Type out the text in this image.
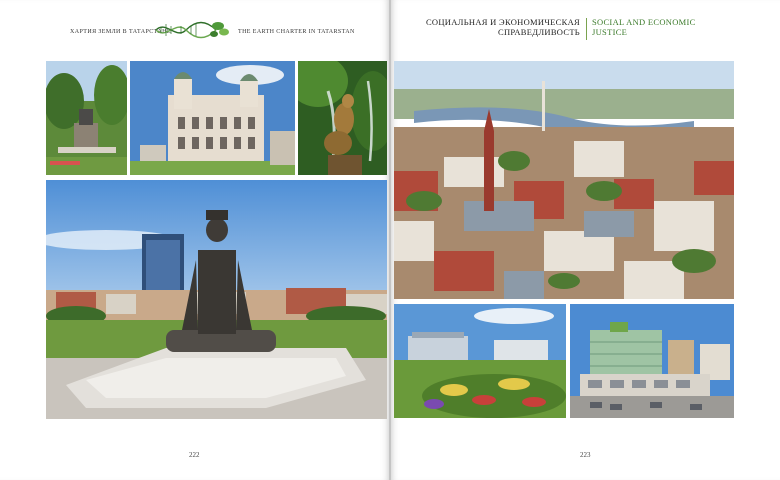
ХАРТИЯ ЗЕМЛИ В ТАТАРСТАНЕ	THE EARTH CHARTER IN TATARSTAN
222
СОЦИАЛЬНАЯ И ЭКОНОМИЧЕСКАЯ СПРАВЕДЛИВОСТЬ
SOCIAL AND ECONOMIC JUSTICE
223
